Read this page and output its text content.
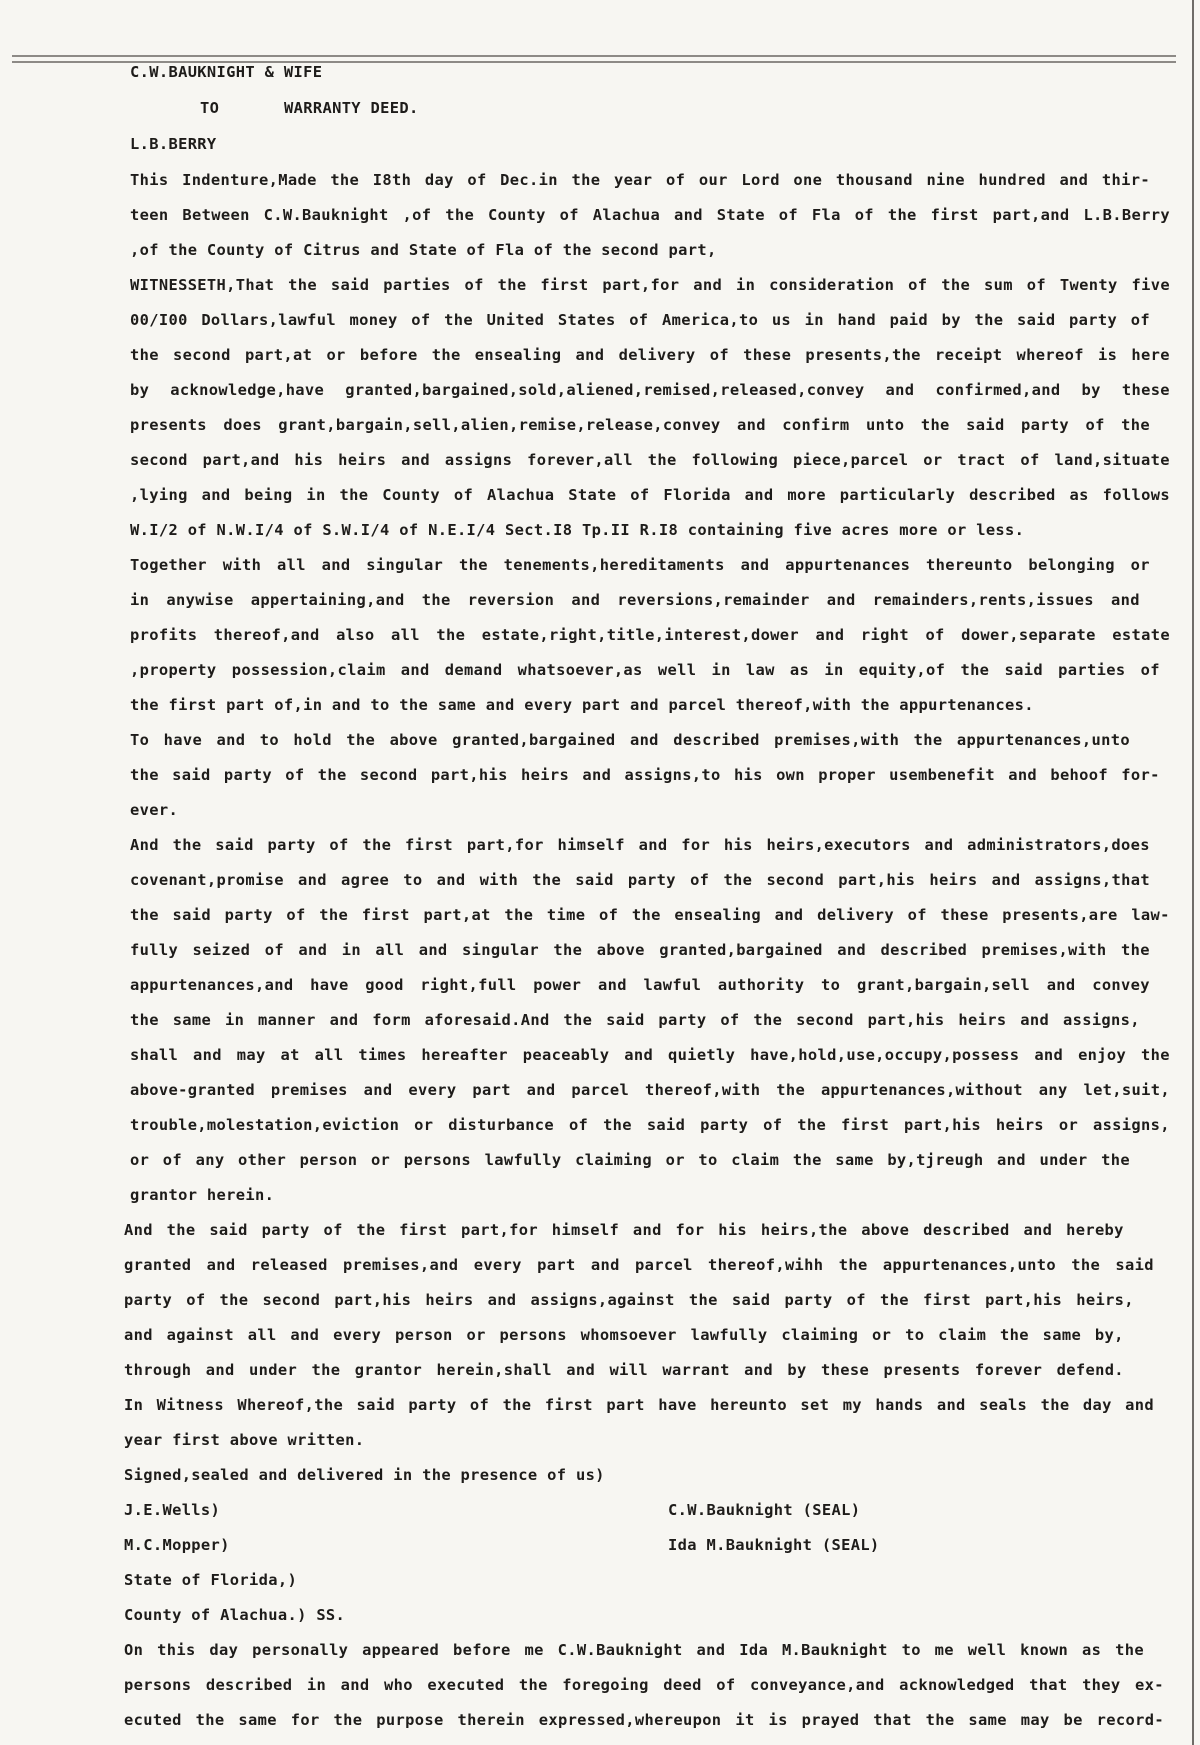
C.W.BAUKNIGHT & WIFE
TO	WARRANTY DEED.
L.B.BERRY
This Indenture,Made the I8th day of Dec.in the year of our Lord one thousand nine hundred and thir-
teen Between C.W.Bauknight ,of the County of Alachua and State of Fla of the first part,and L.B.Berry
,of the County of Citrus and State of Fla of the second part,
WITNESSETH,That the said parties of the first part,for and in consideration of the sum of Twenty five
00/I00 Dollars,lawful money of the United States of America,to us in hand paid by the said party of
the second part,at or before the ensealing and delivery of these presents,the receipt whereof is here
by acknowledge,have granted,bargained,sold,aliened,remised,released,convey and confirmed,and by these
presents does grant,bargain,sell,alien,remise,release,convey and confirm unto the said party of the
second part,and his heirs and assigns forever,all the following piece,parcel or tract of land,situate
,lying and being in the County of Alachua State of Florida and more particularly described as follows
W.I/2 of N.W.I/4 of S.W.I/4 of N.E.I/4 Sect.I8 Tp.II R.I8 containing five acres more or less.
Together with all and singular the tenements,hereditaments and appurtenances thereunto belonging or
in anywise appertaining,and the reversion and reversions,remainder and remainders,rents,issues and
profits thereof,and also all the estate,right,title,interest,dower and right of dower,separate estate
,property possession,claim and demand whatsoever,as well in law as in equity,of the said parties of
the first part of,in and to the same and every part and parcel thereof,with the appurtenances.
To have and to hold the above granted,bargained and described premises,with the appurtenances,unto
the said party of the second part,his heirs and assigns,to his own proper usembenefit and behoof for-
ever.
And the said party of the first part,for himself and for his heirs,executors and administrators,does
covenant,promise and agree to and with the said party of the second part,his heirs and assigns,that
the said party of the first part,at the time of the ensealing and delivery of these presents,are law-
fully seized of and in all and singular the above granted,bargained and described premises,with the
appurtenances,and have good right,full power and lawful authority to grant,bargain,sell and convey
the same in manner and form aforesaid.And the said party of the second part,his heirs and assigns,
shall and may at all times hereafter peaceably and quietly have,hold,use,occupy,possess and enjoy the
above-granted premises and every part and parcel thereof,with the appurtenances,without any let,suit,
trouble,molestation,eviction or disturbance of the said party of the first part,his heirs or assigns,
or of any other person or persons lawfully claiming or to claim the same by,tjreugh and under the
grantor herein.
And the said party of the first part,for himself and for his heirs,the above described and hereby
granted and released premises,and every part and parcel thereof,wihh the appurtenances,unto the said
party of the second part,his heirs and assigns,against the said party of the first part,his heirs,
and against all and every person or persons whomsoever lawfully claiming or to claim the same by,
through and under the grantor herein,shall and will warrant and by these presents forever defend.
In Witness Whereof,the said party of the first part have hereunto set my hands and seals the day and
year first above written.
Signed,sealed and delivered in the presence of us)
J.E.Wells)
M.C.Mopper)
C.W.Bauknight (SEAL)
Ida M.Bauknight (SEAL)
State of Florida,)
County of Alachua.) SS.
On this day personally appeared before me C.W.Bauknight and Ida M.Bauknight to me well known as the
persons described in and who executed the foregoing deed of conveyance,and acknowledged that they ex-
ecuted the same for the purpose therein expressed,whereupon it is prayed that the same may be record-
